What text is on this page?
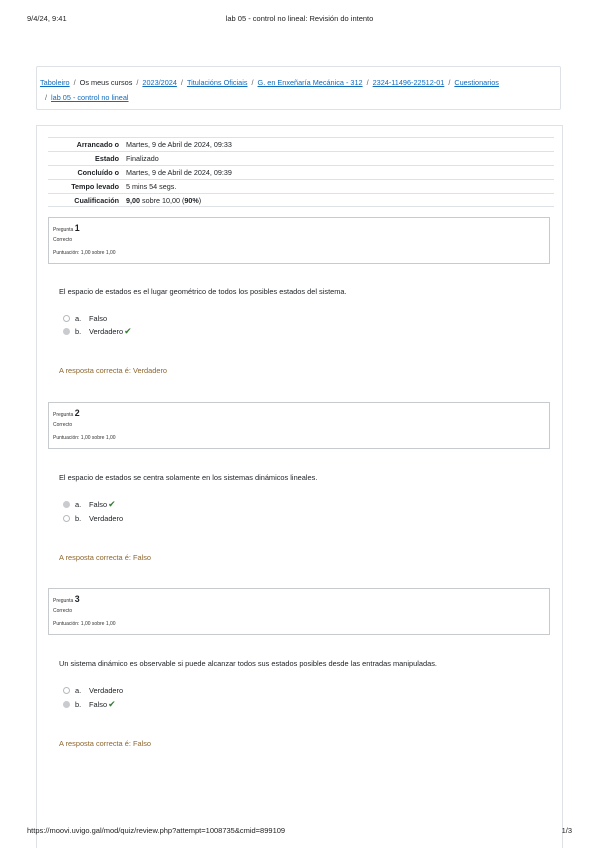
9/4/24, 9:41	lab 05 - control no lineal: Revisión do intento
Taboleiro / Os meus cursos / 2023/2024 / Titulacións Oficiais / G. en Enxeñaría Mecánica - 312 / 2324-11496-22512-01 / Cuestionarios
/ lab 05 - control no lineal
Arrancado o Martes, 9 de Abril de 2024, 09:33
Estado Finalizado
Concluído o Martes, 9 de Abril de 2024, 09:39
Tempo levado 5 mins 54 segs.
Cualificación 9,00 sobre 10,00 (90%)
Pregunta 1
Correcto
Puntuación: 1,00 sobre 1,00
El espacio de estados es el lugar geométrico de todos los posibles estados del sistema.
a.	Falso
b.	Verdadero ✔
A resposta correcta é: Verdadero
Pregunta 2
Correcto
Puntuación: 1,00 sobre 1,00
El espacio de estados se centra solamente en los sistemas dinámicos lineales.
a.	Falso ✔
b.	Verdadero
A resposta correcta é: Falso
Pregunta 3
Correcto
Puntuación: 1,00 sobre 1,00
Un sistema dinámico es observable si puede alcanzar todos sus estados posibles desde las entradas manipuladas.
a.	Verdadero
b.	Falso ✔
A resposta correcta é: Falso
https://moovi.uvigo.gal/mod/quiz/review.php?attempt=1008735&cmid=899109	1/3
